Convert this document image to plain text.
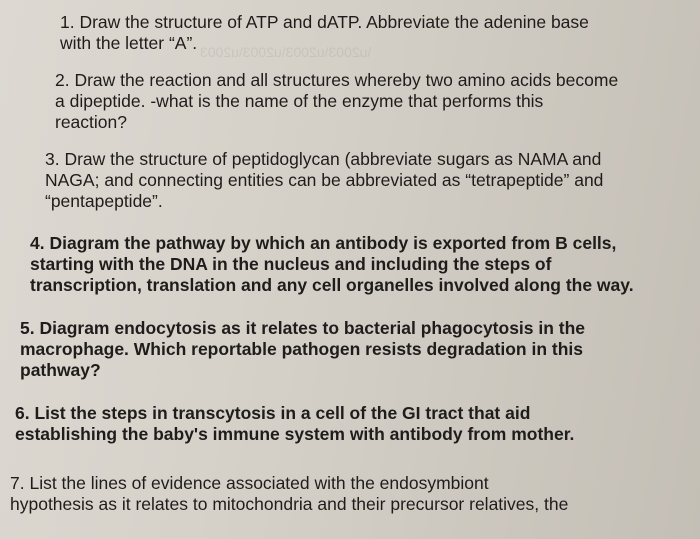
\u2003\u2003\u2003\u2003
1. Draw the structure of ATP and dATP. Abbreviate the adenine base
with the letter “A”.
2. Draw the reaction and all structures whereby two amino acids become
a dipeptide. -what is the name of the enzyme that performs this
reaction?
3. Draw the structure of peptidoglycan (abbreviate sugars as NAMA and
NAGA; and connecting entities can be abbreviated as “tetrapeptide” and
“pentapeptide”.
4. Diagram the pathway by which an antibody is exported from B cells,
starting with the DNA in the nucleus and including the steps of
transcription, translation and any cell organelles involved along the way.
5. Diagram endocytosis as it relates to bacterial phagocytosis in the
macrophage. Which reportable pathogen resists degradation in this
pathway?
6. List the steps in transcytosis in a cell of the GI tract that aid
establishing the baby's immune system with antibody from mother.
7. List the lines of evidence associated with the endosymbiont
hypothesis as it relates to mitochondria and their precursor relatives, the
